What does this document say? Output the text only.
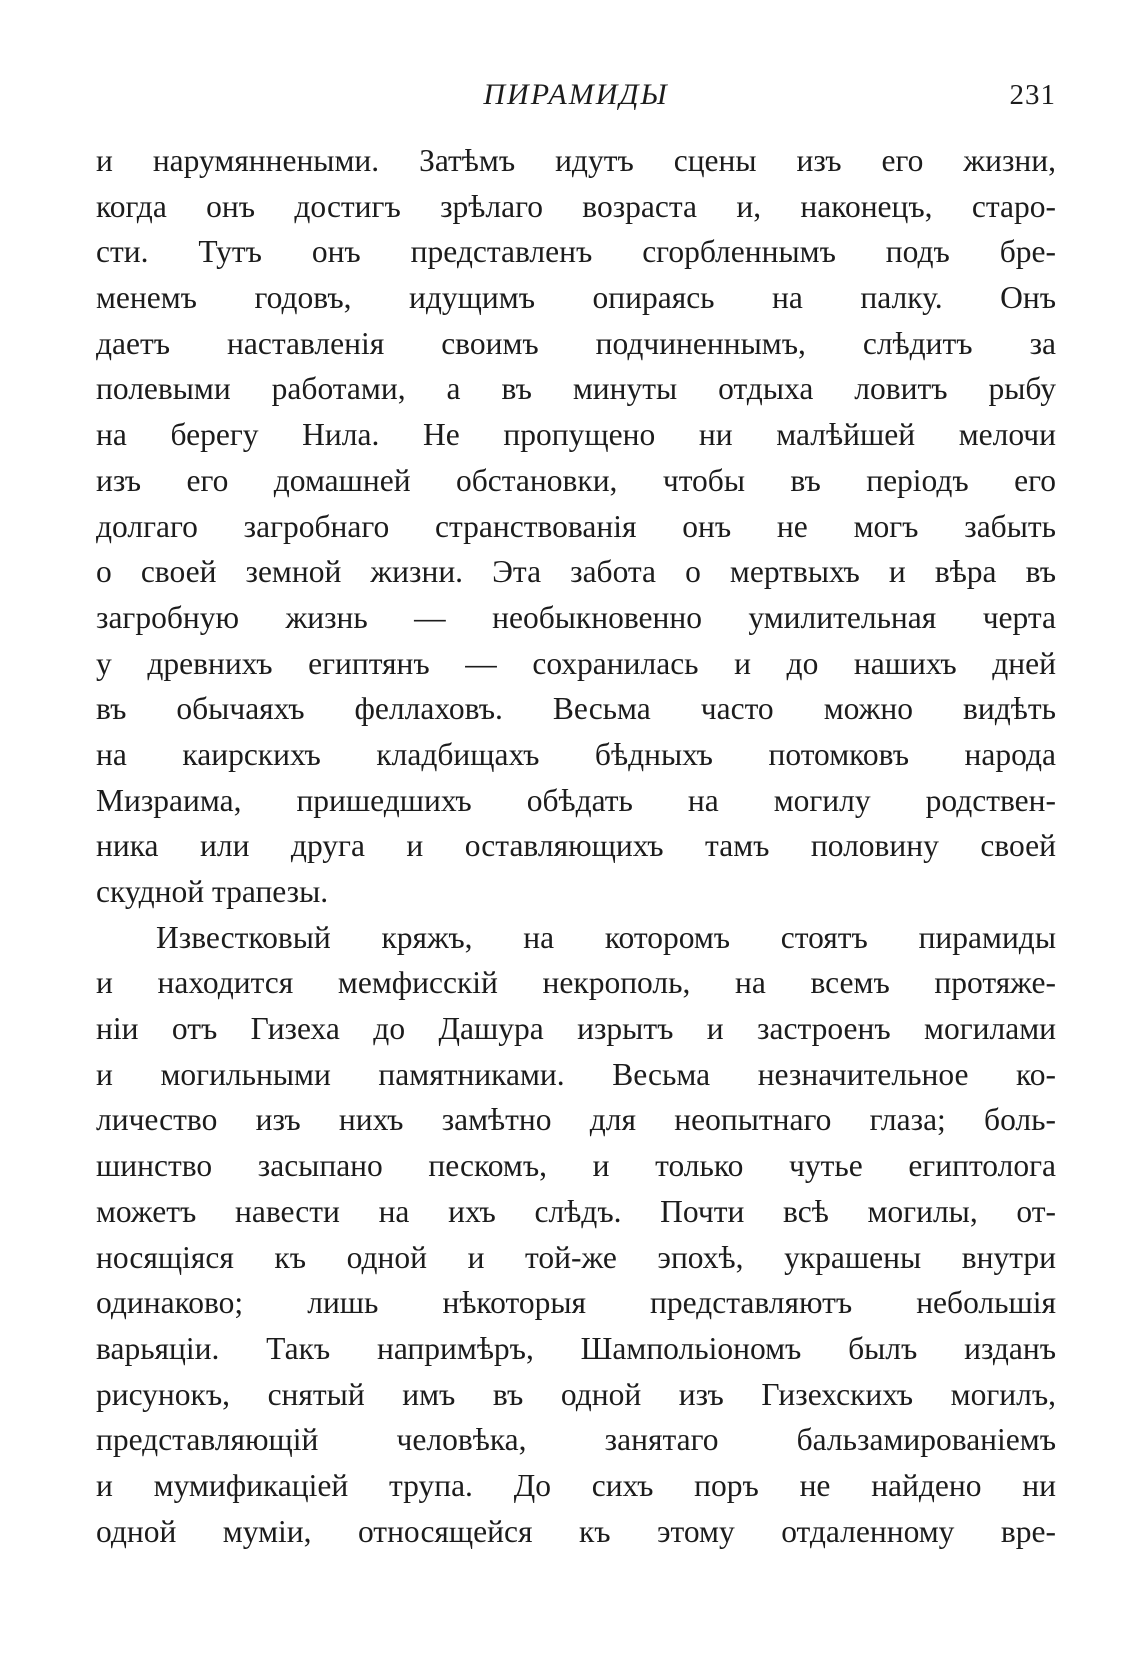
ПИРАМИДЫ	231
и нарумяннеными. Затѣмъ идутъ сцены изъ его жизни,
когда онъ достигъ зрѣлаго возраста и, наконецъ, старо-
сти. Тутъ онъ представленъ сгорбленнымъ подъ бре-
менемъ годовъ, идущимъ опираясь на палку. Онъ
даетъ наставленія своимъ подчиненнымъ, слѣдитъ за
полевыми работами, а въ минуты отдыха ловитъ рыбу
на берегу Нила. Не пропущено ни малѣйшей мелочи
изъ его домашней обстановки, чтобы въ періодъ его
долгаго загробнаго странствованія онъ не могъ забыть
о своей земной жизни. Эта забота о мертвыхъ и вѣра въ
загробную жизнь — необыкновенно умилительная черта
у древнихъ египтянъ — сохранилась и до нашихъ дней
въ обычаяхъ феллаховъ. Весьма часто можно видѣть
на каирскихъ кладбищахъ бѣдныхъ потомковъ народа
Мизраима, пришедшихъ обѣдать на могилу родствен-
ника или друга и оставляющихъ тамъ половину своей
скудной трапезы.
Известковый кряжъ, на которомъ стоятъ пирамиды
и находится мемфисскій некрополь, на всемъ протяже-
ніи отъ Гизеха до Дашура изрытъ и застроенъ могилами
и могильными памятниками. Весьма незначительное ко-
личество изъ нихъ замѣтно для неопытнаго глаза; боль-
шинство засыпано пескомъ, и только чутье египтолога
можетъ навести на ихъ слѣдъ. Почти всѣ могилы, от-
носящіяся къ одной и той-же эпохѣ, украшены внутри
одинаково; лишь нѣкоторыя представляютъ небольшія
варьяціи. Такъ напримѣръ, Шампольіономъ былъ изданъ
рисунокъ, снятый имъ въ одной изъ Гизехскихъ могилъ,
представляющій человѣка, занятаго бальзамированіемъ
и мумификаціей трупа. До сихъ поръ не найдено ни
одной муміи, относящейся къ этому отдаленному вре-
